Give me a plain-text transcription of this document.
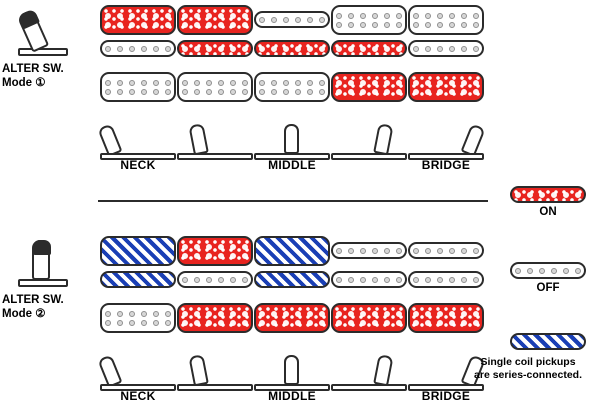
ALTER SW.
Mode ①
NECK	MIDDLE	BRIDGE
ALTER SW.
Mode ②
NECK	MIDDLE	BRIDGE
ON
OFF
Single coil pickups
are series-connected.
